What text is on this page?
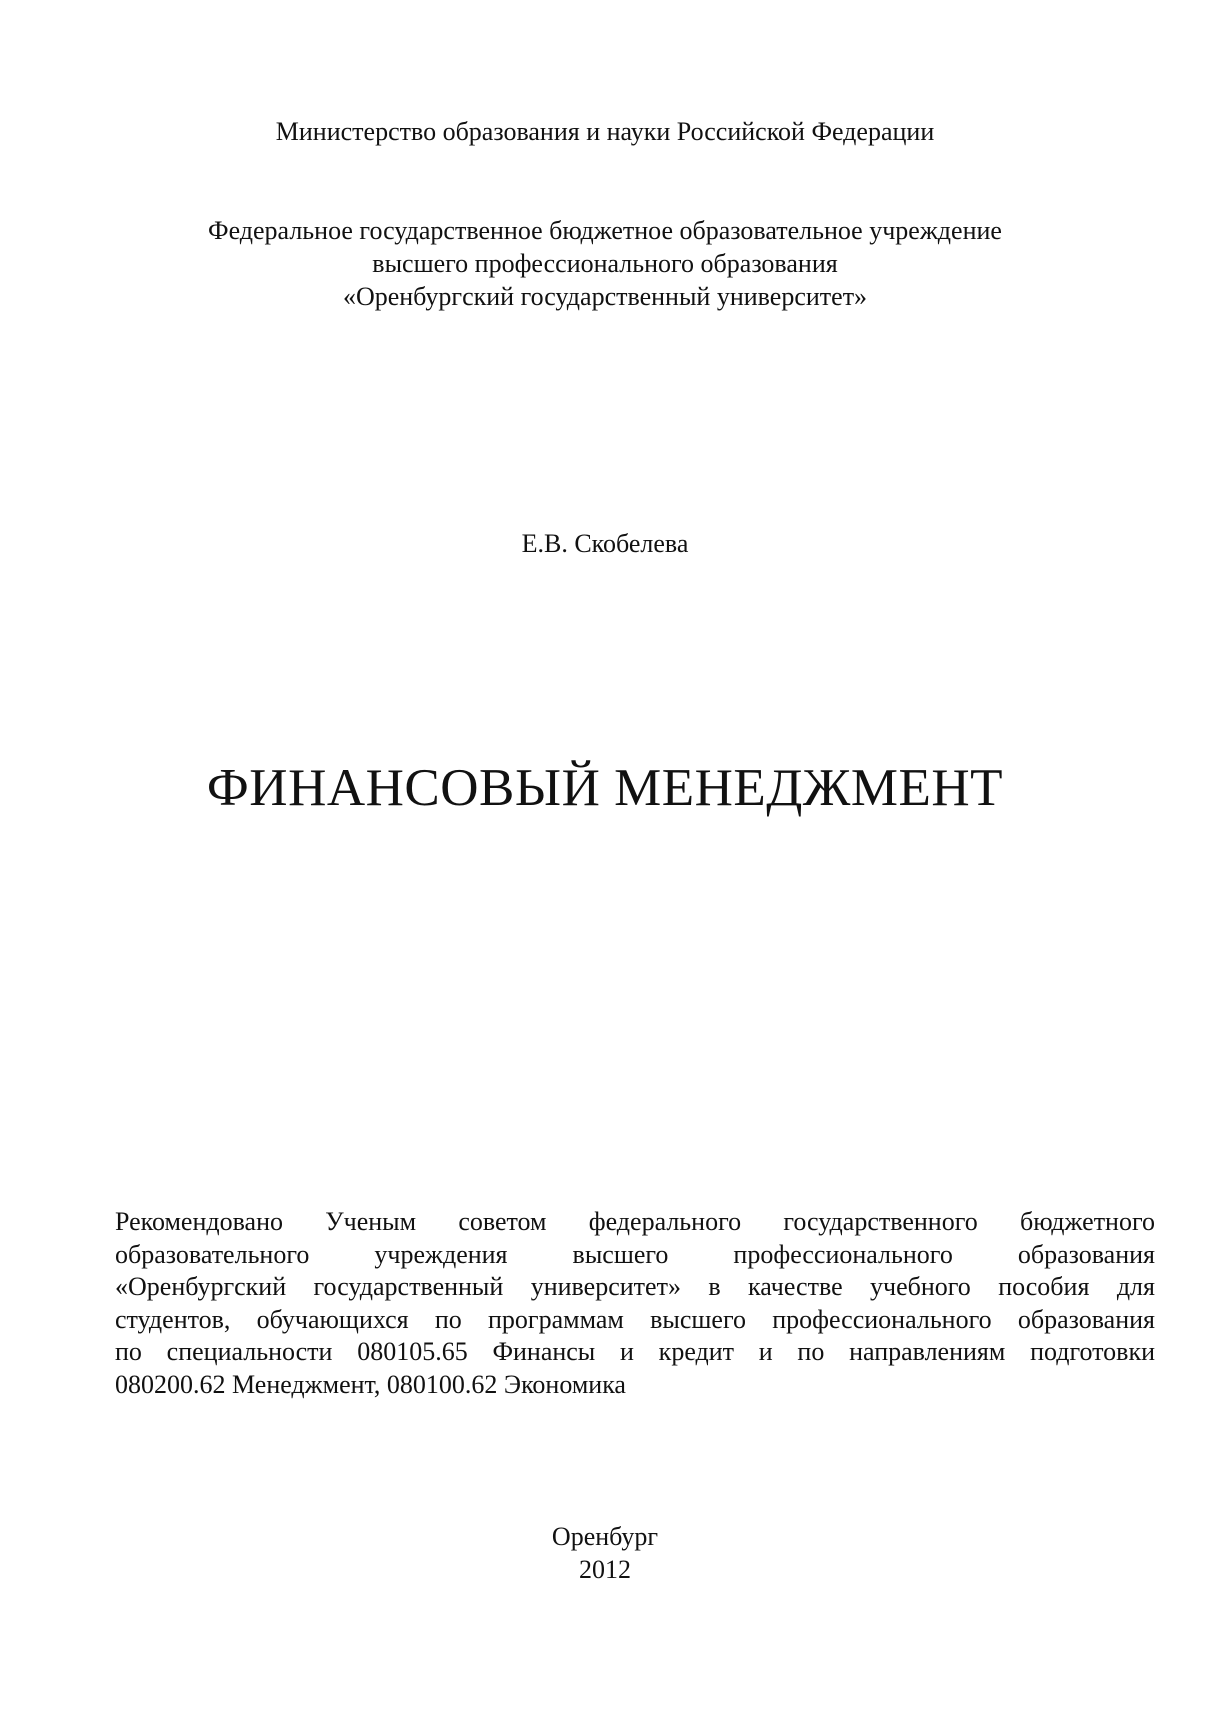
Министерство образования и науки Российской Федерации
Федеральное государственное бюджетное образовательное учреждение
высшего профессионального образования
«Оренбургский государственный университет»
Е.В. Скобелева
ФИНАНСОВЫЙ МЕНЕДЖМЕНТ
Рекомендовано Ученым советом федерального государственного бюджетного
образовательного учреждения высшего профессионального образования
«Оренбургский государственный университет» в качестве учебного пособия для
студентов, обучающихся по программам высшего профессионального образования
по специальности 080105.65 Финансы и кредит и по направлениям подготовки
080200.62 Менеджмент, 080100.62 Экономика
Оренбург
2012
